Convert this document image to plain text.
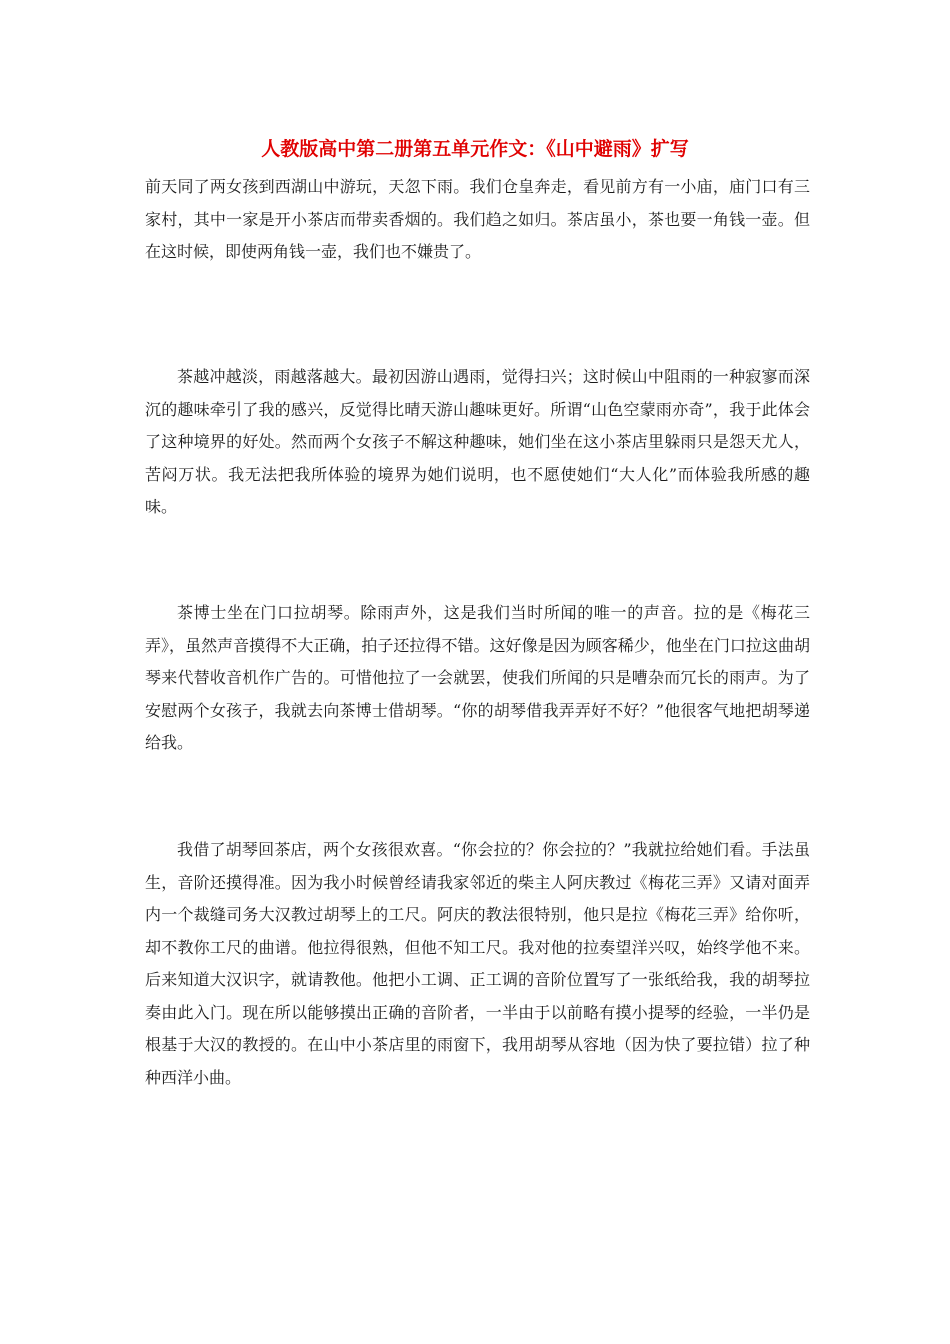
人教版高中第二册第五单元作文：《山中避雨》扩写

前天同了两女孩到西湖山中游玩，天忽下雨。我们仓皇奔走，看见前方有一小庙，庙门口有三家村，其中一家是开小茶店而带卖香烟的。我们趋之如归。茶店虽小，茶也要一角钱一壶。但在这时候，即使两角钱一壶，我们也不嫌贵了。

茶越冲越淡，雨越落越大。最初因游山遇雨，觉得扫兴；这时候山中阻雨的一种寂寥而深沉的趣味牵引了我的感兴，反觉得比晴天游山趣味更好。所谓“山色空蒙雨亦奇”，我于此体会了这种境界的好处。然而两个女孩子不解这种趣味，她们坐在这小茶店里躲雨只是怨天尤人，苦闷万状。我无法把我所体验的境界为她们说明，也不愿使她们“大人化”而体验我所感的趣味。

茶博士坐在门口拉胡琴。除雨声外，这是我们当时所闻的唯一的声音。拉的是《梅花三弄》，虽然声音摸得不大正确，拍子还拉得不错。这好像是因为顾客稀少，他坐在门口拉这曲胡琴来代替收音机作广告的。可惜他拉了一会就罢，使我们所闻的只是嘈杂而冗长的雨声。为了安慰两个女孩子，我就去向茶博士借胡琴。“你的胡琴借我弄弄好不好？”他很客气地把胡琴递给我。

我借了胡琴回茶店，两个女孩很欢喜。“你会拉的？你会拉的？”我就拉给她们看。手法虽生，音阶还摸得准。因为我小时候曾经请我家邻近的柴主人阿庆教过《梅花三弄》又请对面弄内一个裁缝司务大汉教过胡琴上的工尺。阿庆的教法很特别，他只是拉《梅花三弄》给你听，却不教你工尺的曲谱。他拉得很熟，但他不知工尺。我对他的拉奏望洋兴叹，始终学他不来。后来知道大汉识字，就请教他。他把小工调、正工调的音阶位置写了一张纸给我，我的胡琴拉奏由此入门。现在所以能够摸出正确的音阶者，一半由于以前略有摸小提琴的经验，一半仍是根基于大汉的教授的。在山中小茶店里的雨窗下，我用胡琴从容地（因为快了要拉错）拉了种种西洋小曲。
